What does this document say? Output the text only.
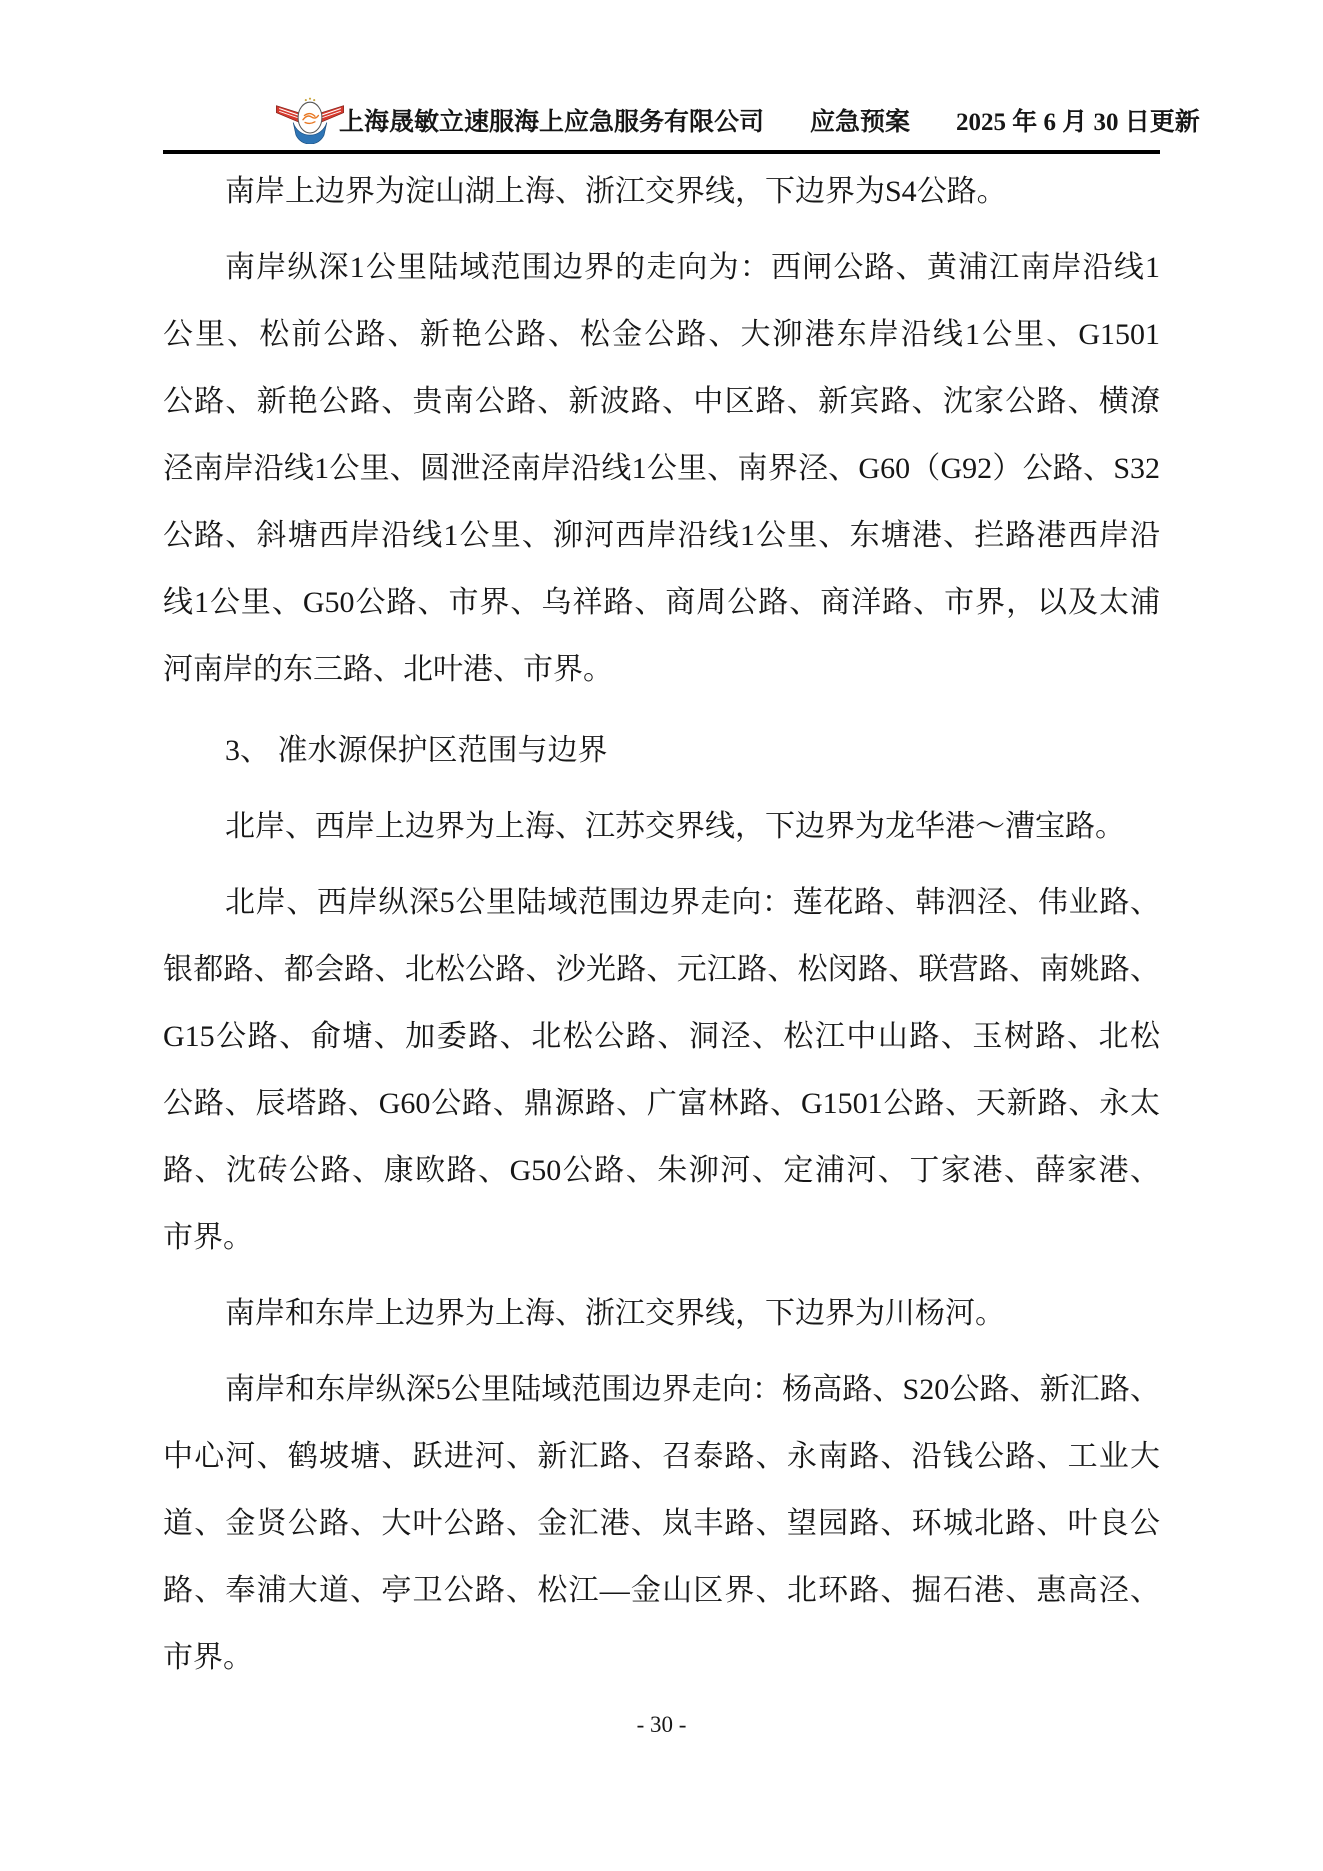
上海晟敏立速服海上应急服务有限公司 应急预案 2025 年 6 月 30 日更新

南岸上边界为淀山湖上海、浙江交界线，下边界为S4公路。

南岸纵深1公里陆域范围边界的走向为：西闸公路、黄浦江南岸沿线1
公里、松前公路、新艳公路、松金公路、大泖港东岸沿线1公里、G1501
公路、新艳公路、贵南公路、新波路、中区路、新宾路、沈家公路、横潦
泾南岸沿线1公里、圆泄泾南岸沿线1公里、南界泾、G60（G92）公路、S32
公路、斜塘西岸沿线1公里、泖河西岸沿线1公里、东塘港、拦路港西岸沿
线1公里、G50公路、市界、乌祥路、商周公路、商洋路、市界，以及太浦
河南岸的东三路、北叶港、市界。

3、 准水源保护区范围与边界

北岸、西岸上边界为上海、江苏交界线，下边界为龙华港～漕宝路。

北岸、西岸纵深5公里陆域范围边界走向：莲花路、韩泗泾、伟业路、
银都路、都会路、北松公路、沙光路、元江路、松闵路、联营路、南姚路、
G15公路、俞塘、加委路、北松公路、洞泾、松江中山路、玉树路、北松
公路、辰塔路、G60公路、鼎源路、广富林路、G1501公路、天新路、永太
路、沈砖公路、康欧路、G50公路、朱泖河、定浦河、丁家港、薛家港、
市界。

南岸和东岸上边界为上海、浙江交界线，下边界为川杨河。

南岸和东岸纵深5公里陆域范围边界走向：杨高路、S20公路、新汇路、
中心河、鹤坡塘、跃进河、新汇路、召泰路、永南路、沿钱公路、工业大
道、金贤公路、大叶公路、金汇港、岚丰路、望园路、环城北路、叶良公
路、奉浦大道、亭卫公路、松江—金山区界、北环路、掘石港、惠高泾、
市界。

- 30 -
